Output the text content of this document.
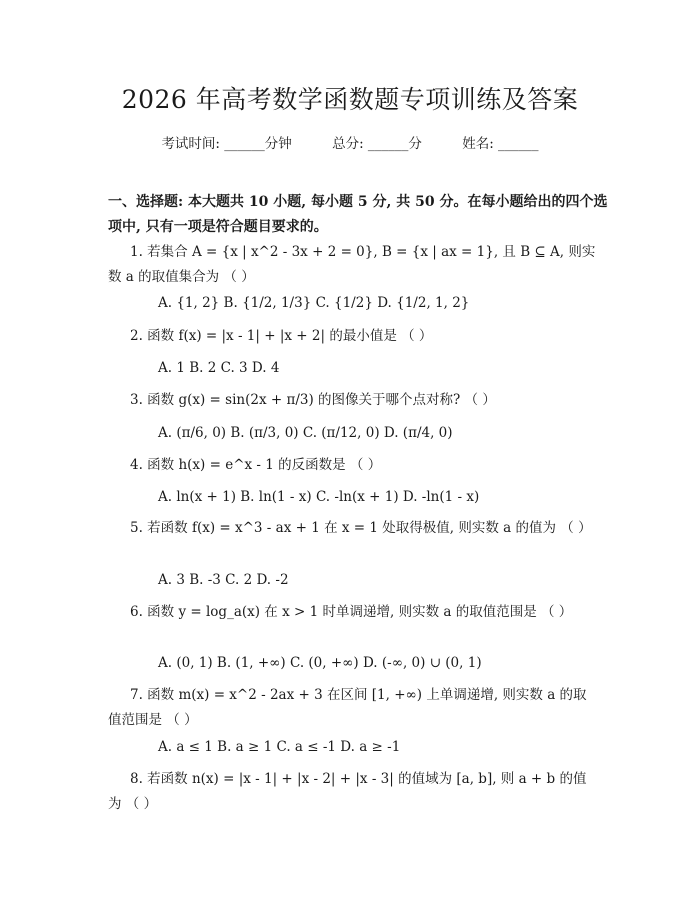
2026 年高考数学函数题专项训练及答案
考试时间: ______分钟	总分: ______分	姓名: ______
一、选择题: 本大题共 10 小题, 每小题 5 分, 共 50 分。在每小题给出的四个选项中, 只有一项是符合题目要求的。
1. 若集合 A = {x | x^2 - 3x + 2 = 0}, B = {x | ax = 1}, 且 B ⊆ A, 则实数 a 的取值集合为 （ ）
A. {1, 2} B. {1/2, 1/3} C. {1/2} D. {1/2, 1, 2}
2. 函数 f(x) = |x - 1| + |x + 2| 的最小值是 （ ）
A. 1 B. 2 C. 3 D. 4
3. 函数 g(x) = sin(2x + π/3) 的图像关于哪个点对称? （ ）
A. (π/6, 0) B. (π/3, 0) C. (π/12, 0) D. (π/4, 0)
4. 函数 h(x) = e^x - 1 的反函数是 （ ）
A. ln(x + 1) B. ln(1 - x) C. -ln(x + 1) D. -ln(1 - x)
5. 若函数 f(x) = x^3 - ax + 1 在 x = 1 处取得极值, 则实数 a 的值为 （ ）
A. 3 B. -3 C. 2 D. -2
6. 函数 y = log_a(x) 在 x > 1 时单调递增, 则实数 a 的取值范围是 （ ）
A. (0, 1) B. (1, +∞) C. (0, +∞) D. (-∞, 0) ∪ (0, 1)
7. 函数 m(x) = x^2 - 2ax + 3 在区间 [1, +∞) 上单调递增, 则实数 a 的取值范围是 （ ）
A. a ≤ 1 B. a ≥ 1 C. a ≤ -1 D. a ≥ -1
8. 若函数 n(x) = |x - 1| + |x - 2| + |x - 3| 的值域为 [a, b], 则 a + b 的值为 （ ）
